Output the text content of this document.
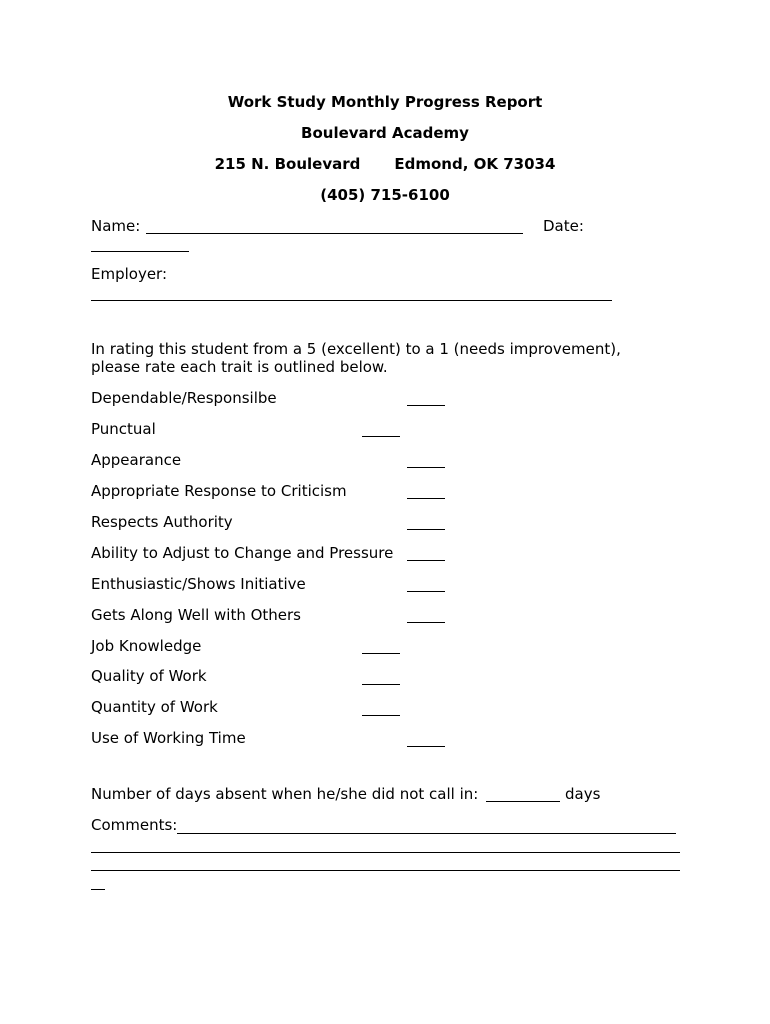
Work Study Monthly Progress Report
Boulevard Academy
215 N. Boulevard Edmond, OK 73034
(405) 715-6100
Name:	Date:
Employer:
In rating this student from a 5 (excellent) to a 1 (needs improvement),
please rate each trait is outlined below.
Dependable/Responsilbe
Punctual
Appearance
Appropriate Response to Criticism
Respects Authority
Ability to Adjust to Change and Pressure
Enthusiastic/Shows Initiative
Gets Along Well with Others
Job Knowledge
Quality of Work
Quantity of Work
Use of Working Time
Number of days absent when he/she did not call in:	days
Comments:
